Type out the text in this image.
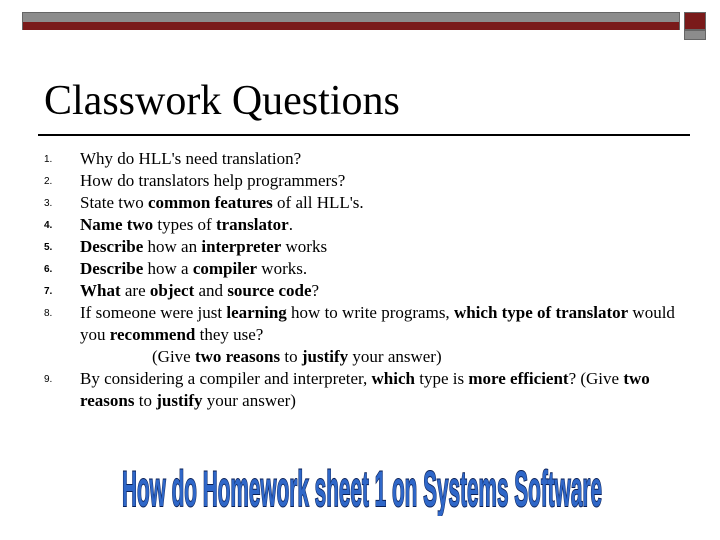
Classwork Questions
1. Why do HLL's need translation?
2. How do translators help programmers?
3. State two common features of all HLL's.
4. Name two types of translator.
5. Describe how an interpreter works
6. Describe how a compiler works.
7. What are object and source code?
8. If someone were just learning how to write programs, which type of translator would you recommend they use?
(Give two reasons to justify your answer)
9. By considering a compiler and interpreter, which type is more efficient? (Give two reasons to justify your answer)
How do Homework sheet 1 on Systems Software
